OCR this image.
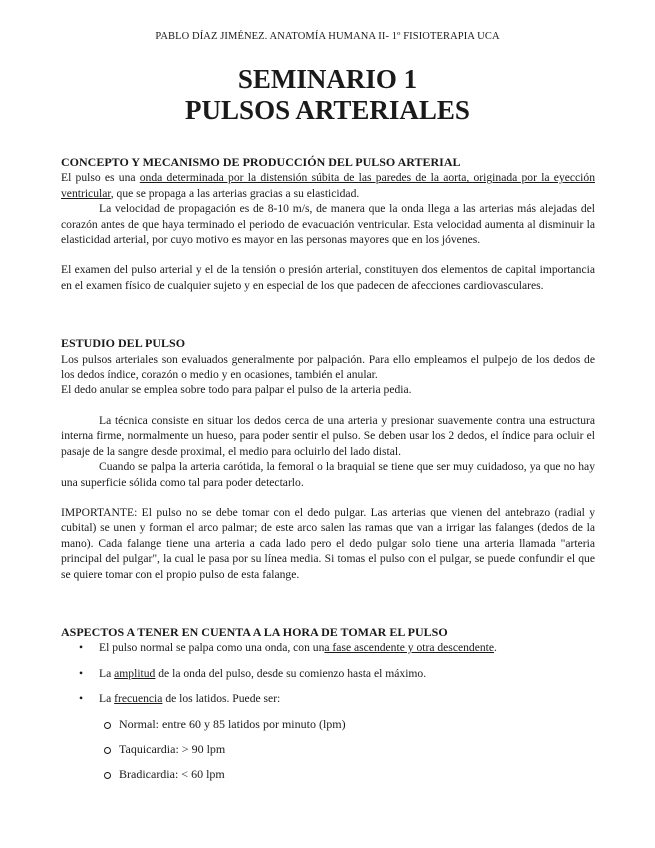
PABLO DÍAZ JIMÉNEZ. ANATOMÍA HUMANA II- 1º FISIOTERAPIA UCA
SEMINARIO 1
PULSOS ARTERIALES

CONCEPTO Y MECANISMO DE PRODUCCIÓN DEL PULSO ARTERIAL

El pulso es una onda determinada por la distensión súbita de las paredes de la aorta, originada por la eyección ventricular, que se propaga a las arterias gracias a su elasticidad.

La velocidad de propagación es de 8-10 m/s, de manera que la onda llega a las arterias más alejadas del corazón antes de que haya terminado el periodo de evacuación ventricular. Esta velocidad aumenta al disminuir la elasticidad arterial, por cuyo motivo es mayor en las personas mayores que en los jóvenes.

El examen del pulso arterial y el de la tensión o presión arterial, constituyen dos elementos de capital importancia en el examen físico de cualquier sujeto y en especial de los que padecen de afecciones cardiovasculares.

ESTUDIO DEL PULSO

Los pulsos arteriales son evaluados generalmente por palpación. Para ello empleamos el pulpejo de los dedos de los dedos índice, corazón o medio y en ocasiones, también el anular.

El dedo anular se emplea sobre todo para palpar el pulso de la arteria pedia.

La técnica consiste en situar los dedos cerca de una arteria y presionar suavemente contra una estructura interna firme, normalmente un hueso, para poder sentir el pulso. Se deben usar los 2 dedos, el índice para ocluir el pasaje de la sangre desde proximal, el medio para ocluirlo del lado distal.

Cuando se palpa la arteria carótida, la femoral o la braquial se tiene que ser muy cuidadoso, ya que no hay una superficie sólida como tal para poder detectarlo.

IMPORTANTE: El pulso no se debe tomar con el dedo pulgar. Las arterias que vienen del antebrazo (radial y cubital) se unen y forman el arco palmar; de este arco salen las ramas que van a irrigar las falanges (dedos de la mano). Cada falange tiene una arteria a cada lado pero el dedo pulgar solo tiene una arteria llamada "arteria principal del pulgar", la cual le pasa por su línea media. Si tomas el pulso con el pulgar, se puede confundir el que se quiere tomar con el propio pulso de esta falange.

ASPECTOS A TENER EN CUENTA A LA HORA DE TOMAR EL PULSO

• El pulso normal se palpa como una onda, con una fase ascendente y otra descendente.
• La amplitud de la onda del pulso, desde su comienzo hasta el máximo.
• La frecuencia de los latidos. Puede ser:
Normal: entre 60 y 85 latidos por minuto (lpm)
Taquicardia: > 90 lpm
Bradicardia: < 60 lpm
